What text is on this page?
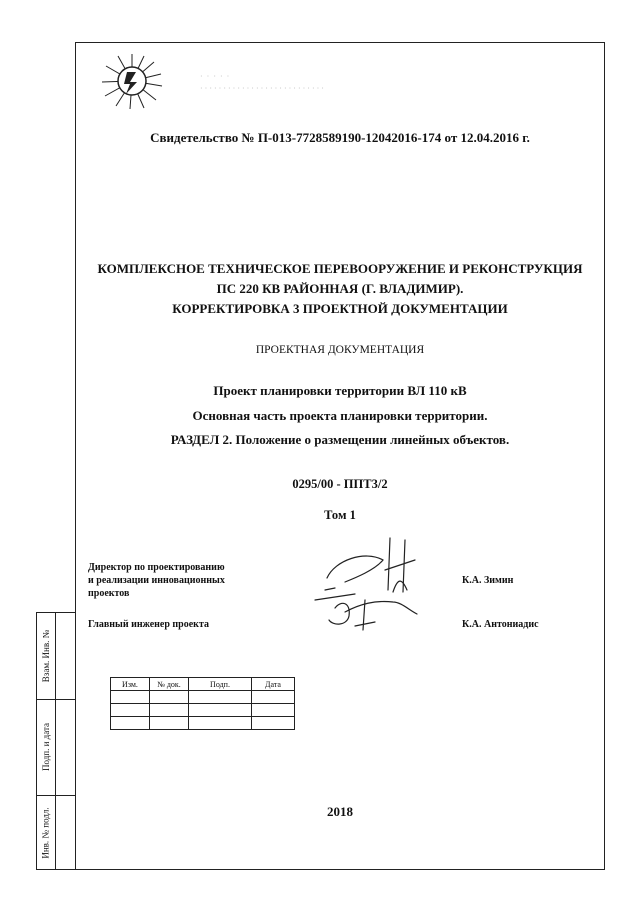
Взам. Инв. №
Подп. и дата
Инв. № подл.
· · · · ·
· · · · · · · · · · · · · · · · · · · · · · · · · · ·
Свидетельство № П-013-7728589190-12042016-174 от 12.04.2016 г.
КОМПЛЕКСНОЕ ТЕХНИЧЕСКОЕ ПЕРЕВООРУЖЕНИЕ И РЕКОНСТРУКЦИЯ
ПС 220 КВ РАЙОННАЯ (Г. ВЛАДИМИР).
КОРРЕКТИРОВКА 3 ПРОЕКТНОЙ ДОКУМЕНТАЦИИ
ПРОЕКТНАЯ ДОКУМЕНТАЦИЯ
Проект планировки территории ВЛ 110 кВ
Основная часть проекта планировки территории.
РАЗДЕЛ 2. Положение о размещении линейных объектов.
0295/00 - ППТ3/2
Том 1
Директор по проектированию
и реализации инновационных
проектов
К.А. Зимин
Главный инженер проекта	К.А. Антониадис
Изм.	№ док.	Подп.	Дата

2018
